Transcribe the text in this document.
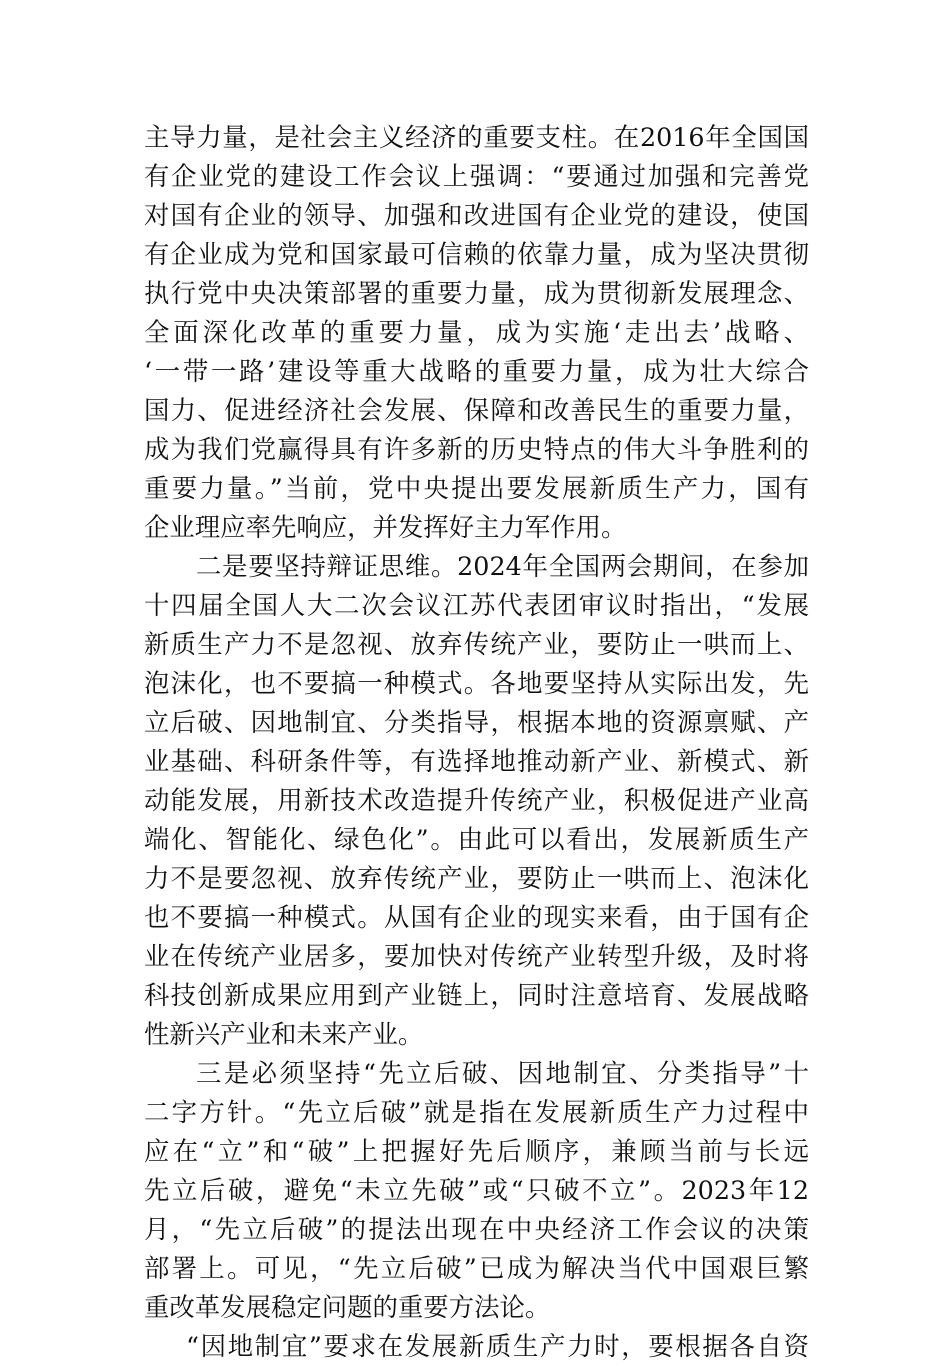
主导力量，是社会主义经济的重要支柱。在2016年全国国
有企业党的建设工作会议上强调：“要通过加强和完善党
对国有企业的领导、加强和改进国有企业党的建设，使国
有企业成为党和国家最可信赖的依靠力量，成为坚决贯彻
执行党中央决策部署的重要力量，成为贯彻新发展理念、
全面深化改革的重要力量，成为实施‘走出去’战略、
‘一带一路’建设等重大战略的重要力量，成为壮大综合
国力、促进经济社会发展、保障和改善民生的重要力量，
成为我们党赢得具有许多新的历史特点的伟大斗争胜利的
重要力量。”当前，党中央提出要发展新质生产力，国有
企业理应率先响应，并发挥好主力军作用。
二是要坚持辩证思维。2024年全国两会期间，在参加
十四届全国人大二次会议江苏代表团审议时指出，“发展
新质生产力不是忽视、放弃传统产业，要防止一哄而上、
泡沫化，也不要搞一种模式。各地要坚持从实际出发，先
立后破、因地制宜、分类指导，根据本地的资源禀赋、产
业基础、科研条件等，有选择地推动新产业、新模式、新
动能发展，用新技术改造提升传统产业，积极促进产业高
端化、智能化、绿色化”。由此可以看出，发展新质生产
力不是要忽视、放弃传统产业，要防止一哄而上、泡沫化
也不要搞一种模式。从国有企业的现实来看，由于国有企
业在传统产业居多，要加快对传统产业转型升级，及时将
科技创新成果应用到产业链上，同时注意培育、发展战略
性新兴产业和未来产业。
三是必须坚持“先立后破、因地制宜、分类指导”十
二字方针。“先立后破”就是指在发展新质生产力过程中
应在“立”和“破”上把握好先后顺序，兼顾当前与长远
先立后破，避免“未立先破”或“只破不立”。2023年12
月，“先立后破”的提法出现在中央经济工作会议的决策
部署上。可见，“先立后破”已成为解决当代中国艰巨繁
重改革发展稳定问题的重要方法论。
“因地制宜”要求在发展新质生产力时，要根据各自资
